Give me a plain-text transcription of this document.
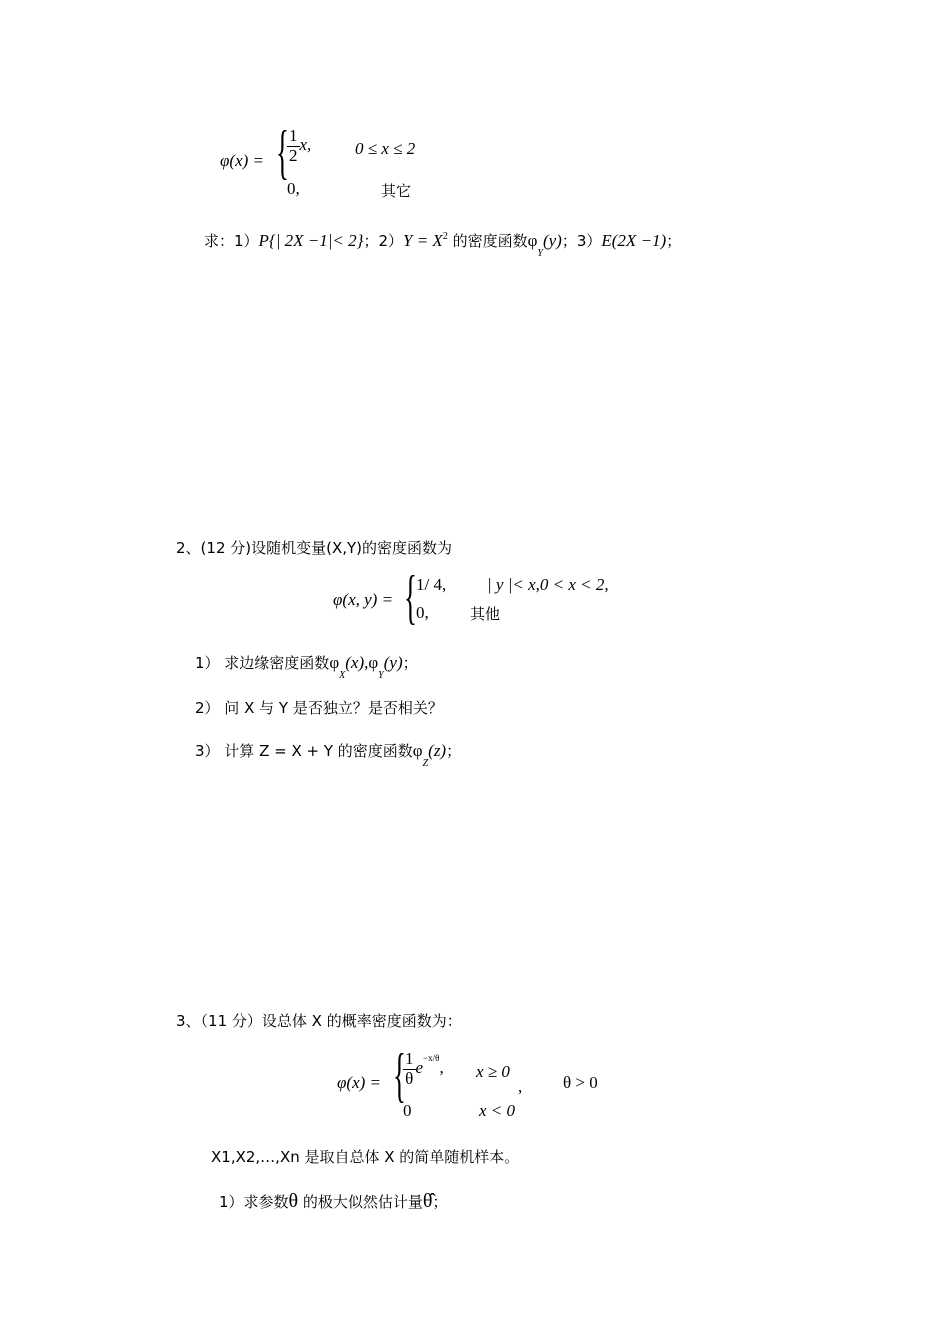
φ(x) = {
$\frac{1}{2} x$,	0 ≤ x ≤ 2
0,	其它
求：1）P{| 2X −1|< 2}；$2)Y = X^2$ 的密度函数$\varphi_Y(y)$；3）E(2X −1)；
2、(12 分)设随机变量(X,Y)的密度函数为
φ(x, y) = { 1/ 4, | y |< x,0 < x < 2,
0,	其他
1） 求边缘密度函数$\varphi_X(x),\varphi_Y(y)$；
2） 问 X 与 Y 是否独立？是否相关？
3） 计算 Z = X + Y 的密度函数$\varphi_Z(z)$；
3、（11 分）设总体 X 的概率密度函数为：
φ(x) = {
$\frac{1}{\theta} e^{-x/\theta}$, x ≥ 0
, θ > 0
0	x < 0
X1,X2,…,Xn 是取自总体 X 的简单随机样本。
1）求参数θ 的极大似然估计量θ̂；
